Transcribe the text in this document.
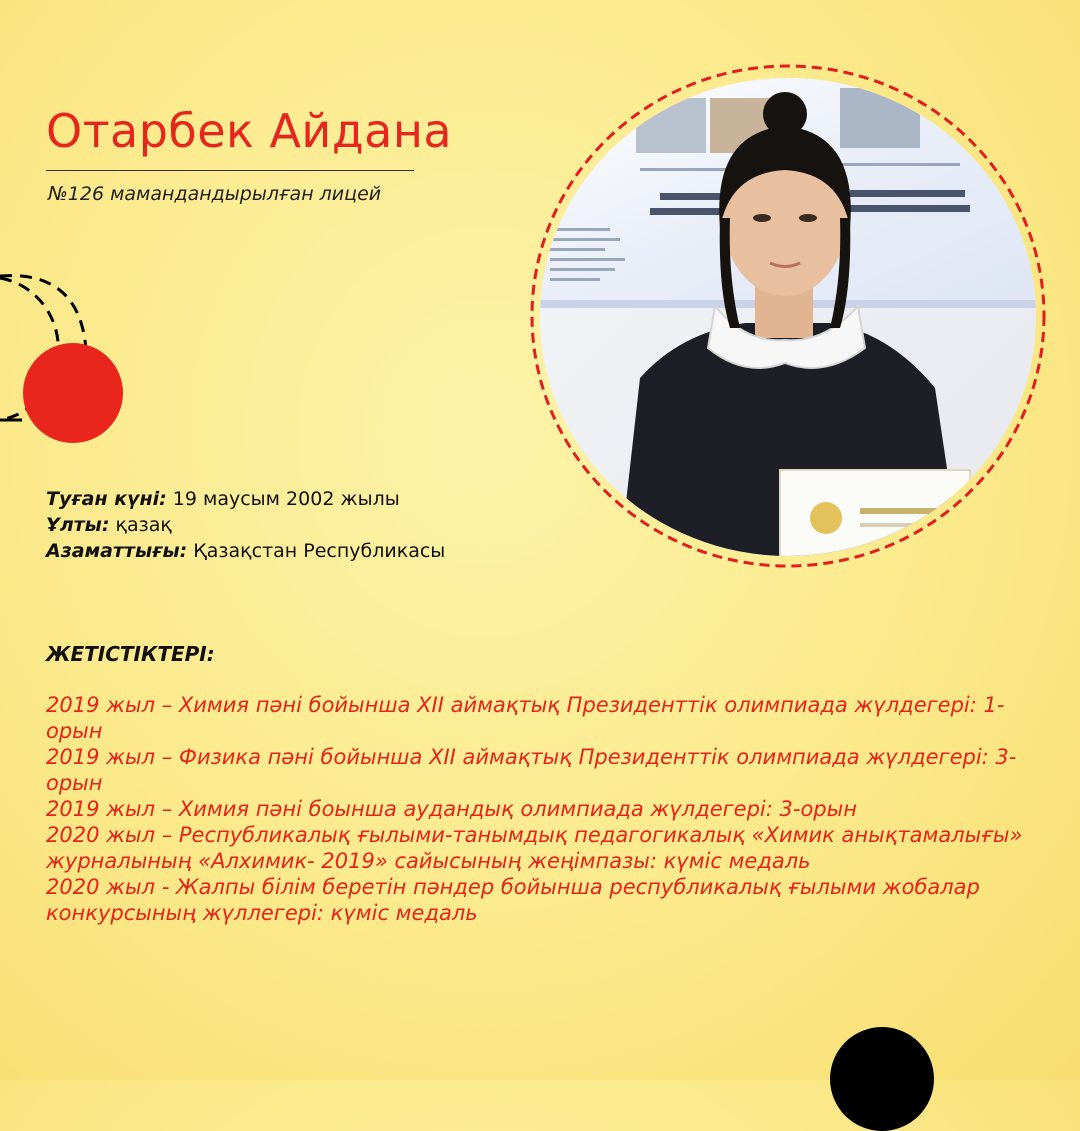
Отарбек Айдана
№126 мамандандырылған лицей
Туған күні: 19 маусым 2002 жылы
Ұлты: қазақ
Азаматтығы: Қазақстан Республикасы
ЖЕТІСТІКТЕРІ:
2019 жыл – Химия пәні бойынша XII аймақтық Президенттік олимпиада жүлдегері: 1-орын
2019 жыл – Физика пәні бойынша XII аймақтық Президенттік олимпиада жүлдегері: 3-орын
2019 жыл – Химия пәні боынша аудандық олимпиада жүлдегері: 3-орын
2020 жыл – Республикалық ғылыми-танымдық педагогикалық «Химик анықтамалығы» журналының «Алхимик- 2019» сайысының жеңімпазы: күміс медаль
2020 жыл - Жалпы білім беретін пәндер бойынша республикалық ғылыми жобалар конкурсының жүллегері: күміс медаль
